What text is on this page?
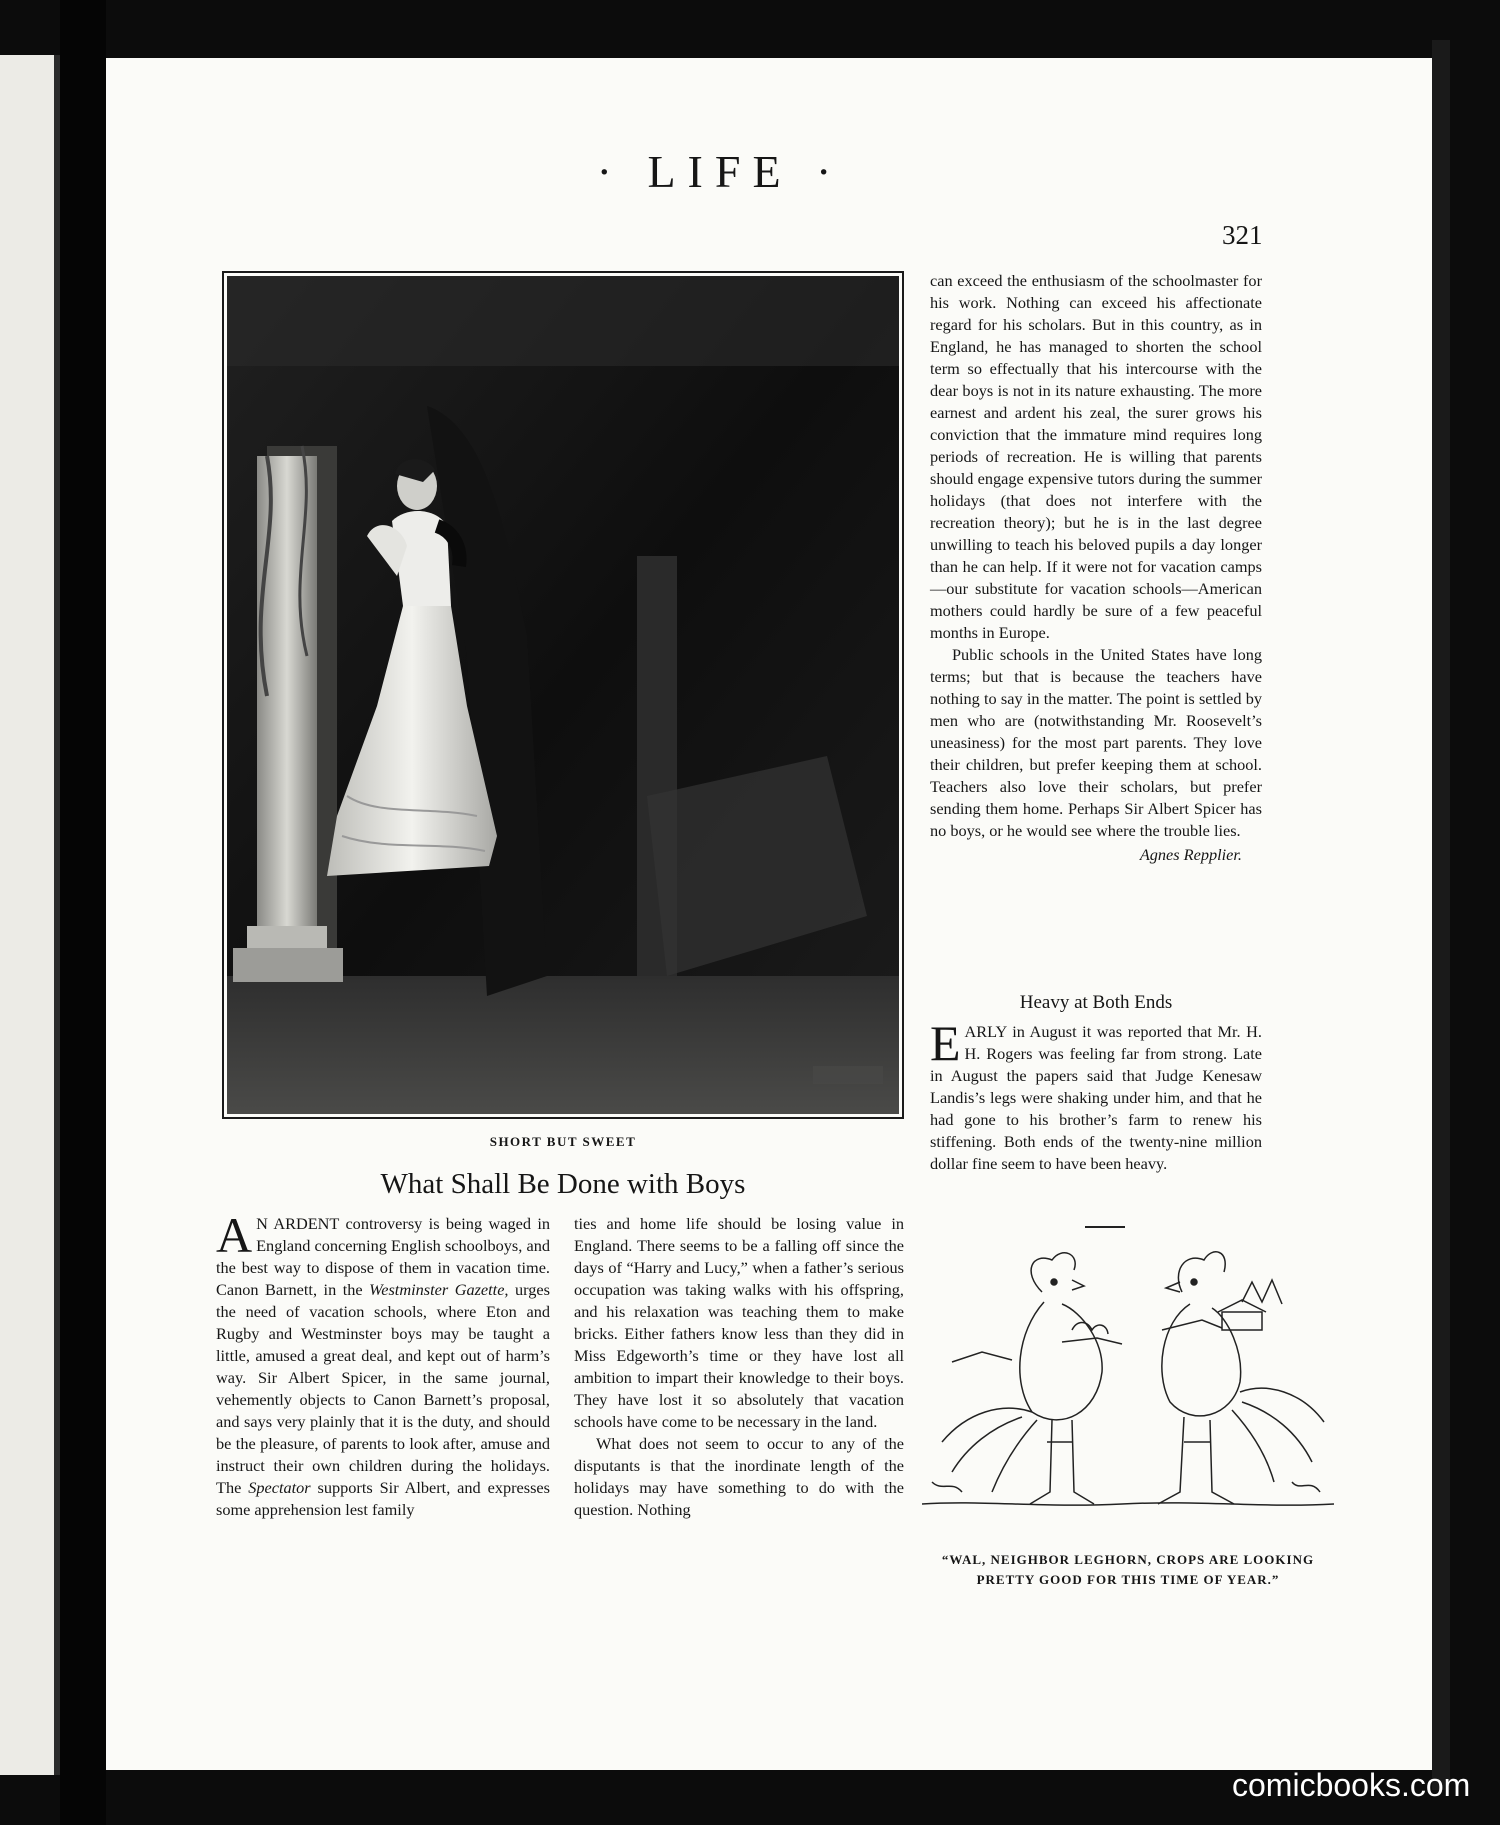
· LIFE ·
321
SHORT BUT SWEET
What Shall Be Done with Boys

A N ARDENT controversy is being waged in England concerning English schoolboys, and the best way to dispose of them in vacation time. Canon Barnett, in the Westminster Gazette, urges the need of vacation schools, where Eton and Rugby and Westminster boys may be taught a little, amused a great deal, and kept out of harm’s way. Sir Albert Spicer, in the same journal, vehemently objects to Canon Barnett’s proposal, and says very plainly that it is the duty, and should be the pleasure, of parents to look after, amuse and instruct their own children during the holidays. The Spectator supports Sir Albert, and expresses some apprehension lest family

ties and home life should be losing value in England. There seems to be a falling off since the days of “Harry and Lucy,” when a father’s serious occupation was taking walks with his offspring, and his relaxation was teaching them to make bricks. Either fathers know less than they did in Miss Edgeworth’s time or they have lost all ambition to impart their knowledge to their boys. They have lost it so absolutely that vacation schools have come to be necessary in the land.

What does not seem to occur to any of the disputants is that the inordinate length of the holidays may have something to do with the question. Nothing

can exceed the enthusiasm of the schoolmaster for his work. Nothing can exceed his affectionate regard for his scholars. But in this country, as in England, he has managed to shorten the school term so effectually that his intercourse with the dear boys is not in its nature exhausting. The more earnest and ardent his zeal, the surer grows his conviction that the immature mind requires long periods of recreation. He is willing that parents should engage expensive tutors during the summer holidays (that does not interfere with the recreation theory); but he is in the last degree unwilling to teach his beloved pupils a day longer than he can help. If it were not for vacation camps —our substitute for vacation schools—American mothers could hardly be sure of a few peaceful months in Europe.

Public schools in the United States have long terms; but that is because the teachers have nothing to say in the matter. The point is settled by men who are (notwithstanding Mr. Roosevelt’s uneasiness) for the most part parents. They love their children, but prefer keeping them at school. Teachers also love their scholars, but prefer sending them home. Perhaps Sir Albert Spicer has no boys, or he would see where the trouble lies.

Agnes Repplier.

Heavy at Both Ends

EARLY in August it was reported that Mr. H. H. Rogers was feeling far from strong. Late in August the papers said that Judge Kenesaw Landis’s legs were shaking under him, and that he had gone to his brother’s farm to renew his stiffening. Both ends of the twenty-nine million dollar fine seem to have been heavy.

“WAL, NEIGHBOR LEGHORN, CROPS ARE LOOKING
PRETTY GOOD FOR THIS TIME OF YEAR.”
comicbooks.com
